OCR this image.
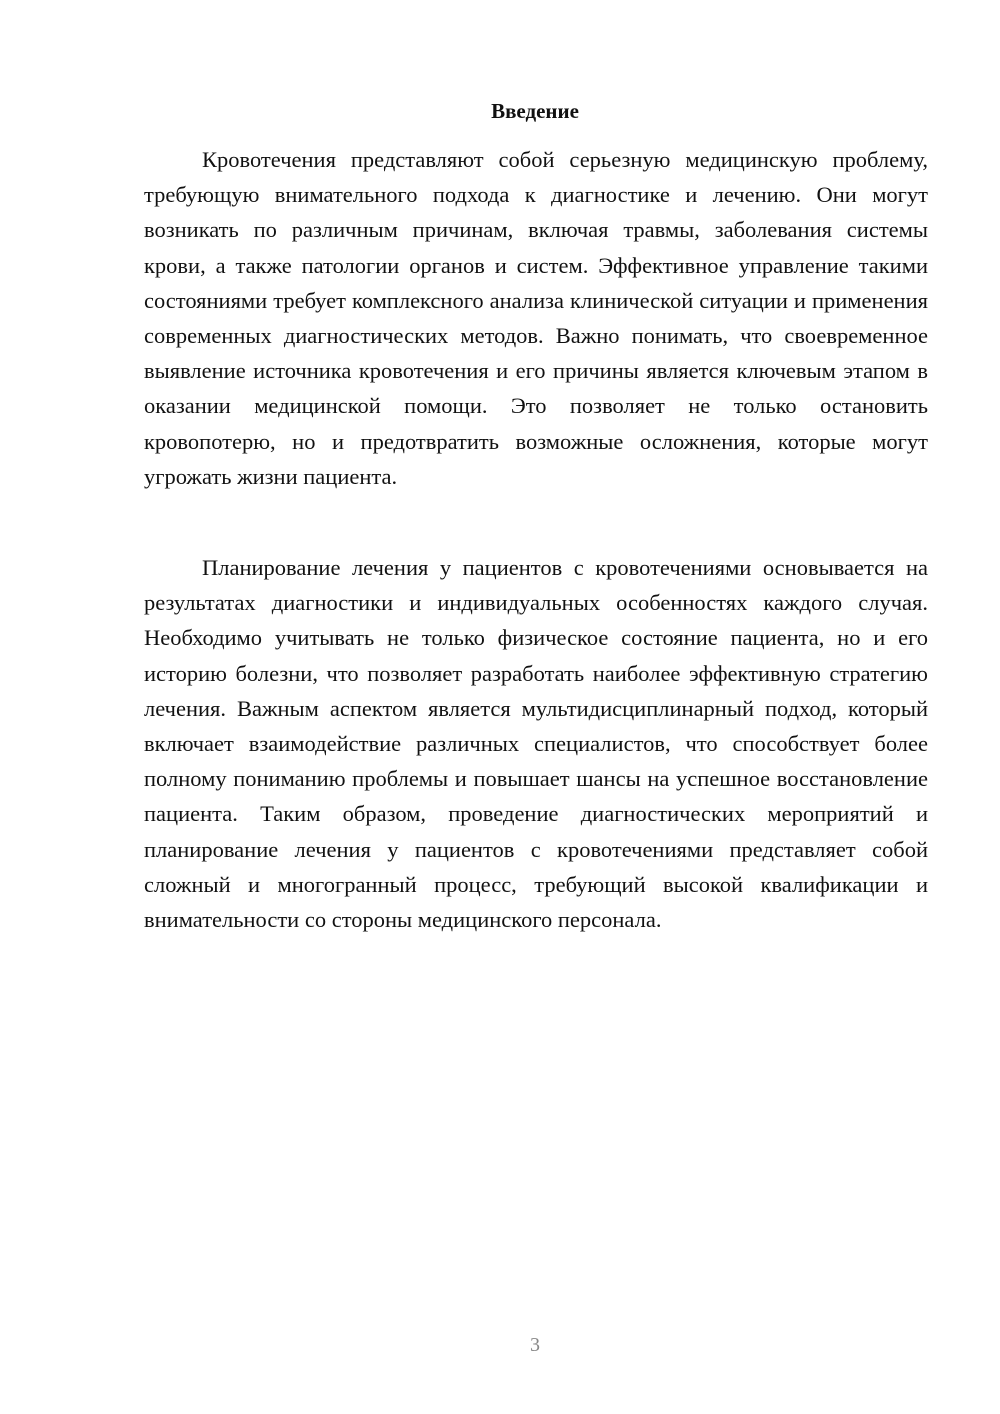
Введение

Кровотечения представляют собой серьезную медицинскую проблему, требующую внимательного подхода к диагностике и лечению. Они могут возникать по различным причинам, включая травмы, заболевания системы крови, а также патологии органов и систем. Эффективное управление такими состояниями требует комплексного анализа клинической ситуации и применения современных диагностических методов. Важно понимать, что своевременное выявление источника кровотечения и его причины является ключевым этапом в оказании медицинской помощи. Это позволяет не только остановить кровопотерю, но и предотвратить возможные осложнения, которые могут угрожать жизни пациента.

Планирование лечения у пациентов с кровотечениями основывается на результатах диагностики и индивидуальных особенностях каждого случая. Необходимо учитывать не только физическое состояние пациента, но и его историю болезни, что позволяет разработать наиболее эффективную стратегию лечения. Важным аспектом является мультидисциплинарный подход, который включает взаимодействие различных специалистов, что способствует более полному пониманию проблемы и повышает шансы на успешное восстановление пациента. Таким образом, проведение диагностических мероприятий и планирование лечения у пациентов с кровотечениями представляет собой сложный и многогранный процесс, требующий высокой квалификации и внимательности со стороны медицинского персонала.

3
